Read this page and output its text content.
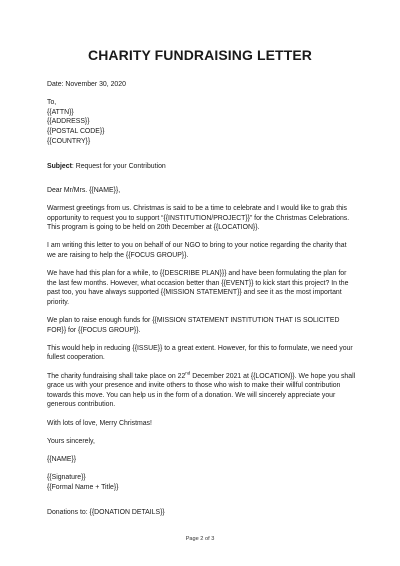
CHARITY FUNDRAISING LETTER

Date: November 30, 2020

To,
{{ATTN}}
{{ADDRESS}}
{{POSTAL CODE}}
{{COUNTRY}}

Subject: Request for your Contribution

Dear Mr/Mrs. {{NAME}},

Warmest greetings from us. Christmas is said to be a time to celebrate and I would like to grab this opportunity to request you to support “{{INSTITUTION/PROJECT}}” for the Christmas Celebrations. This program is going to be held on 20th December at {{LOCATION}}.

I am writing this letter to you on behalf of our NGO to bring to your notice regarding the charity that we are raising to help the {{FOCUS GROUP}}.

We have had this plan for a while, to {{DESCRIBE PLAN}}} and have been formulating the plan for the last few months. However, what occasion better than {{EVENT}} to kick start this project? In the past too, you have always supported {{MISSION STATEMENT}} and see it as the most important priority.

We plan to raise enough funds for {{MISSION STATEMENT INSTITUTION THAT IS SOLICITED FOR}} for {{FOCUS GROUP}}.

This would help in reducing {{ISSUE}} to a great extent. However, for this to formulate, we need your fullest cooperation.

The charity fundraising shall take place on 22nd December 2021 at {{LOCATION}}. We hope you shall grace us with your presence and invite others to those who wish to make their willful contribution towards this move. You can help us in the form of a donation. We will sincerely appreciate your generous contribution.

With lots of love, Merry Christmas!

Yours sincerely,

{{NAME}}

{{Signature}}
{{Formal Name + Title}}

Donations to: {{DONATION DETAILS}}

Page 2 of 3
